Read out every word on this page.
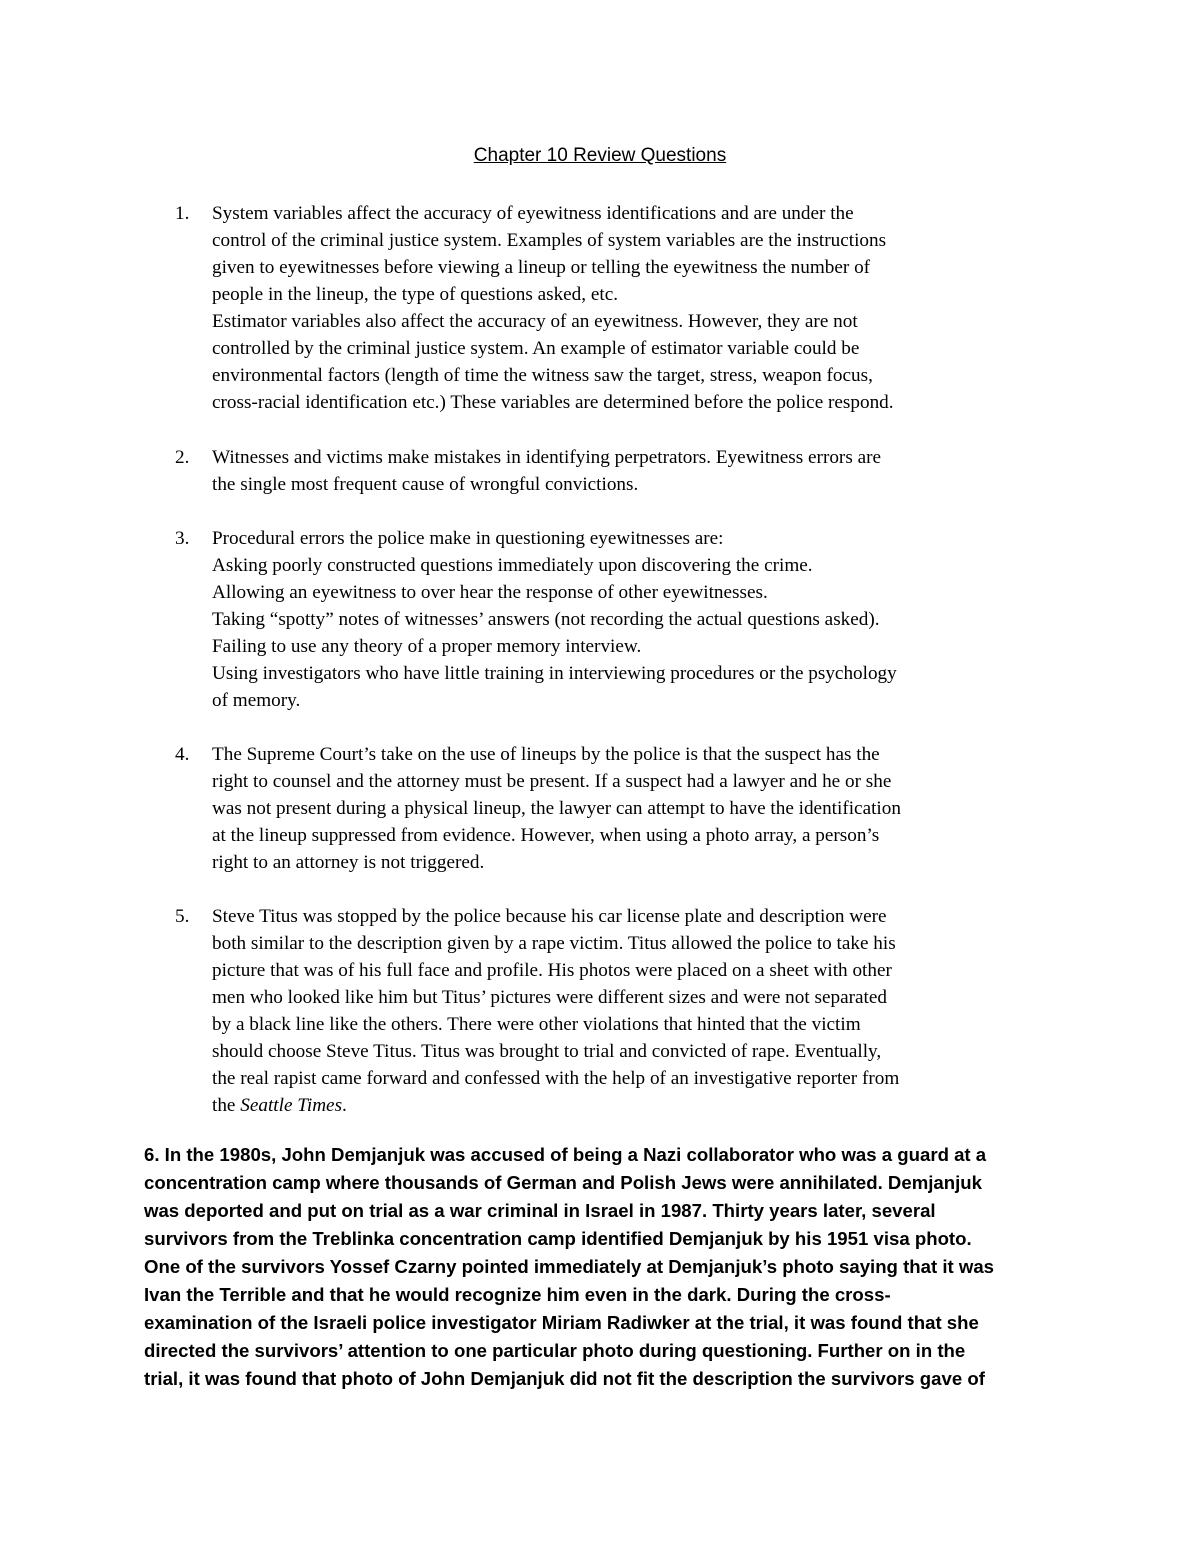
Chapter 10 Review Questions
1.	System variables affect the accuracy of eyewitness identifications and are under the
control of the criminal justice system. Examples of system variables are the instructions
given to eyewitnesses before viewing a lineup or telling the eyewitness the number of
people in the lineup, the type of questions asked, etc.
Estimator variables also affect the accuracy of an eyewitness. However, they are not
controlled by the criminal justice system. An example of estimator variable could be
environmental factors (length of time the witness saw the target, stress, weapon focus,
cross-racial identification etc.) These variables are determined before the police respond.
2.	Witnesses and victims make mistakes in identifying perpetrators. Eyewitness errors are
the single most frequent cause of wrongful convictions.
3.	Procedural errors the police make in questioning eyewitnesses are:
Asking poorly constructed questions immediately upon discovering the crime.
Allowing an eyewitness to over hear the response of other eyewitnesses.
Taking “spotty” notes of witnesses’ answers (not recording the actual questions asked).
Failing to use any theory of a proper memory interview.
Using investigators who have little training in interviewing procedures or the psychology
of memory.
4.	The Supreme Court’s take on the use of lineups by the police is that the suspect has the
right to counsel and the attorney must be present. If a suspect had a lawyer and he or she
was not present during a physical lineup, the lawyer can attempt to have the identification
at the lineup suppressed from evidence. However, when using a photo array, a person’s
right to an attorney is not triggered.
5.	Steve Titus was stopped by the police because his car license plate and description were
both similar to the description given by a rape victim. Titus allowed the police to take his
picture that was of his full face and profile. His photos were placed on a sheet with other
men who looked like him but Titus’ pictures were different sizes and were not separated
by a black line like the others. There were other violations that hinted that the victim
should choose Steve Titus. Titus was brought to trial and convicted of rape. Eventually,
the real rapist came forward and confessed with the help of an investigative reporter from
the Seattle Times.
6. In the 1980s, John Demjanjuk was accused of being a Nazi collaborator who was a guard at a
concentration camp where thousands of German and Polish Jews were annihilated. Demjanjuk
was deported and put on trial as a war criminal in Israel in 1987. Thirty years later, several
survivors from the Treblinka concentration camp identified Demjanjuk by his 1951 visa photo.
One of the survivors Yossef Czarny pointed immediately at Demjanjuk’s photo saying that it was
Ivan the Terrible and that he would recognize him even in the dark. During the cross-
examination of the Israeli police investigator Miriam Radiwker at the trial, it was found that she
directed the survivors’ attention to one particular photo during questioning. Further on in the
trial, it was found that photo of John Demjanjuk did not fit the description the survivors gave of
